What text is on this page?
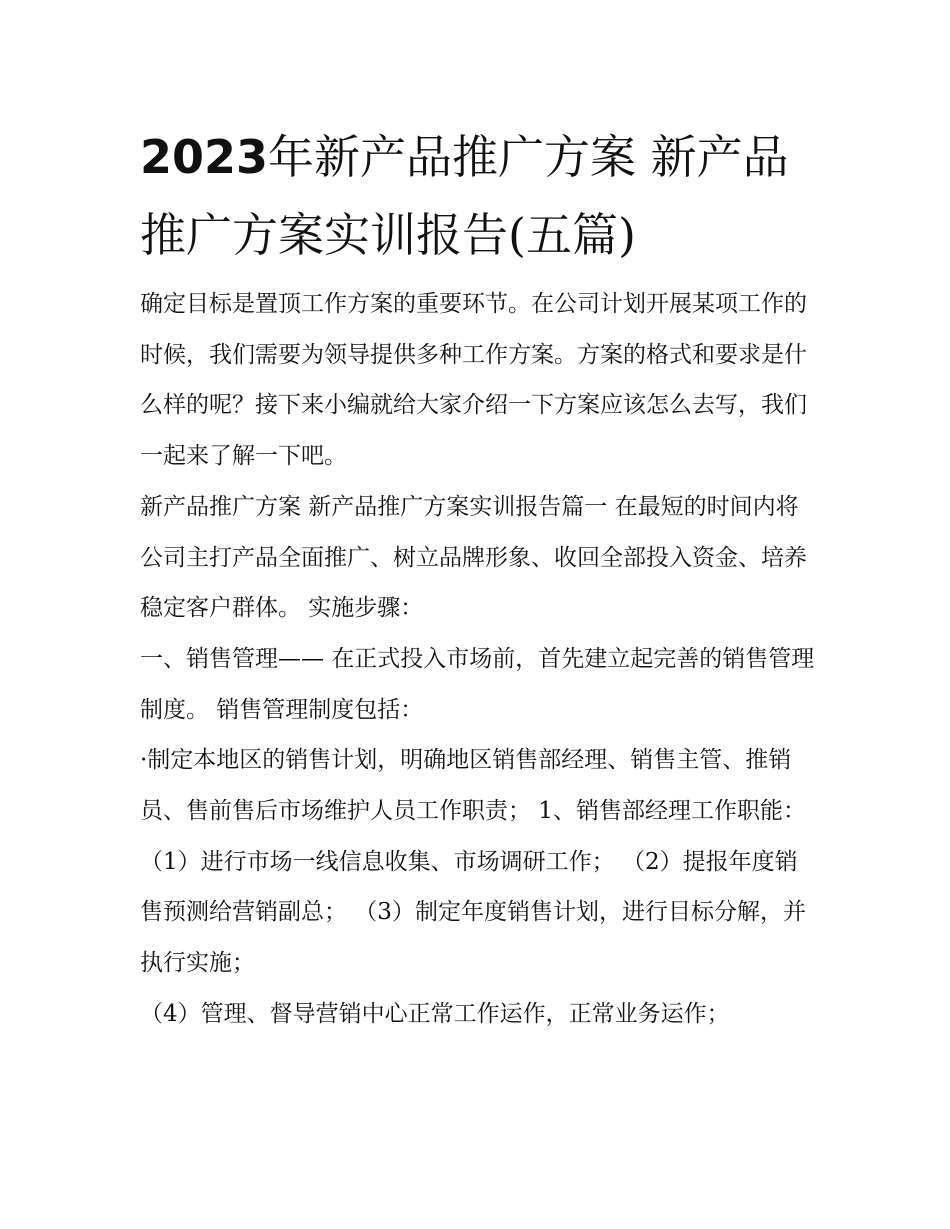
2023年新产品推广方案 新产品推广方案实训报告(五篇)

确定目标是置顶工作方案的重要环节。在公司计划开展某项工作的时候，我们需要为领导提供多种工作方案。方案的格式和要求是什么样的呢？接下来小编就给大家介绍一下方案应该怎么去写，我们一起来了解一下吧。

新产品推广方案 新产品推广方案实训报告篇一 在最短的时间内将公司主打产品全面推广、树立品牌形象、收回全部投入资金、培养稳定客户群体。 实施步骤：

一、销售管理—— 在正式投入市场前，首先建立起完善的销售管理制度。 销售管理制度包括：

·制定本地区的销售计划，明确地区销售部经理、销售主管、推销员、售前售后市场维护人员工作职责； 1、销售部经理工作职能：

（1）进行市场一线信息收集、市场调研工作； （2）提报年度销售预测给营销副总； （3）制定年度销售计划，进行目标分解，并执行实施；

（4）管理、督导营销中心正常工作运作，正常业务运作；
